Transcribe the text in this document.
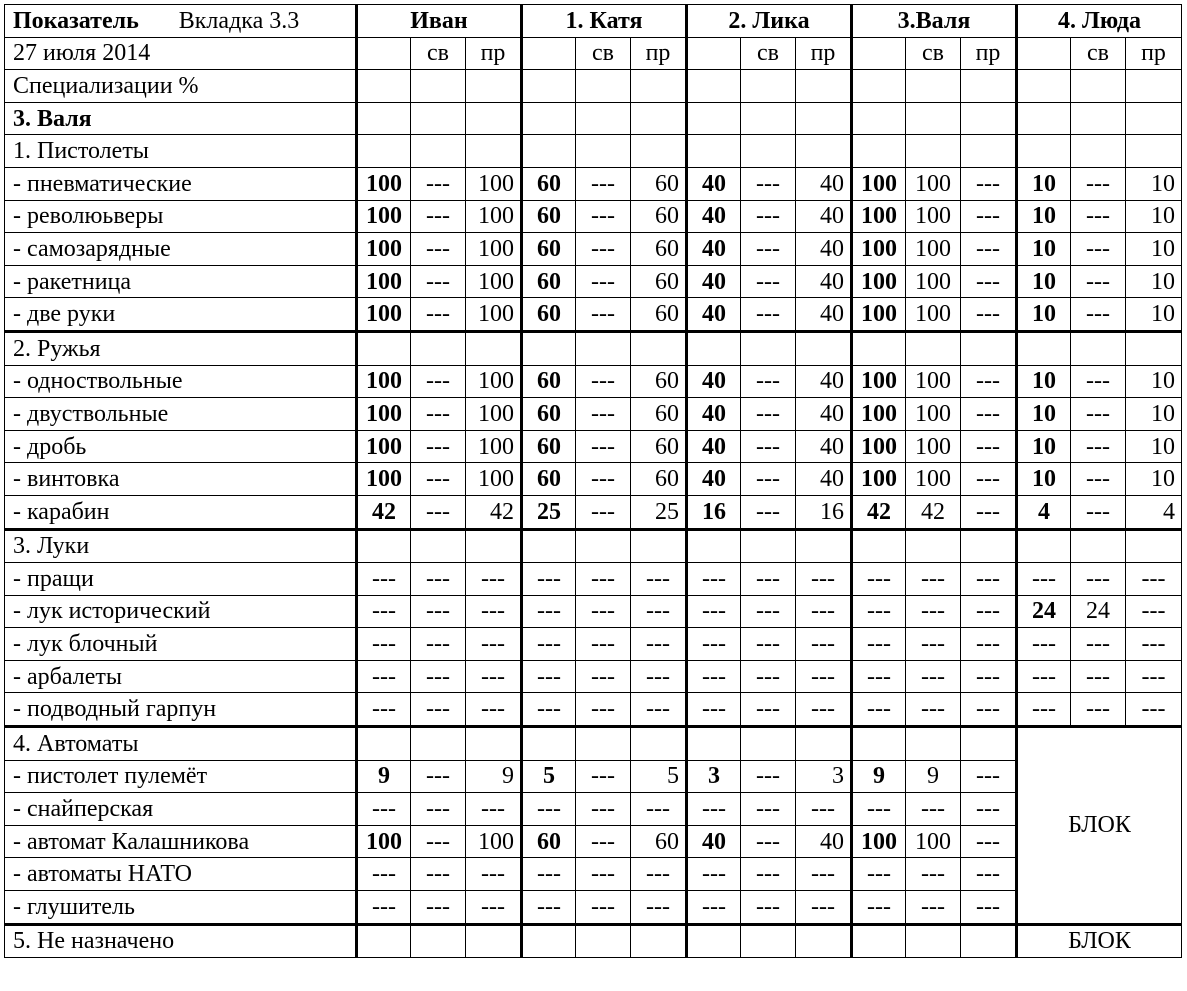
Показатель Вкладка 3.3	Иван			1. Катя			2. Лика			3.Валя			4. Люда		
27 июля 2014		св	пр		св	пр		св	пр		св	пр		св	пр
Специализации %															
3. Валя															
1. Пистолеты															
- пневматические	100	---	100	60	---	60	40	---	40	100	100	---	10	---	10
- революьверы	100	---	100	60	---	60	40	---	40	100	100	---	10	---	10
- самозарядные	100	---	100	60	---	60	40	---	40	100	100	---	10	---	10
- ракетница	100	---	100	60	---	60	40	---	40	100	100	---	10	---	10
- две руки	100	---	100	60	---	60	40	---	40	100	100	---	10	---	10
2. Ружья															
- одноствольные	100	---	100	60	---	60	40	---	40	100	100	---	10	---	10
- двуствольные	100	---	100	60	---	60	40	---	40	100	100	---	10	---	10
- дробь	100	---	100	60	---	60	40	---	40	100	100	---	10	---	10
- винтовка	100	---	100	60	---	60	40	---	40	100	100	---	10	---	10
- карабин	42	---	42	25	---	25	16	---	16	42	42	---	4	---	4
3. Луки															
- пращи	---	---	---	---	---	---	---	---	---	---	---	---	---	---	---
- лук исторический	---	---	---	---	---	---	---	---	---	---	---	---	24	24	---
- лук блочный	---	---	---	---	---	---	---	---	---	---	---	---	---	---	---
- арбалеты	---	---	---	---	---	---	---	---	---	---	---	---	---	---	---
- подводный гарпун	---	---	---	---	---	---	---	---	---	---	---	---	---	---	---
4. Автоматы													БЛОК		
- пистолет пулемёт	9	---	9	5	---	5	3	---	3	9	9	---			
- снайперская	---	---	---	---	---	---	---	---	---	---	---	---			
- автомат Калашникова	100	---	100	60	---	60	40	---	40	100	100	---			
- автоматы НАТО	---	---	---	---	---	---	---	---	---	---	---	---			
- глушитель	---	---	---	---	---	---	---	---	---	---	---	---			
5. Не назначено													БЛОК		
